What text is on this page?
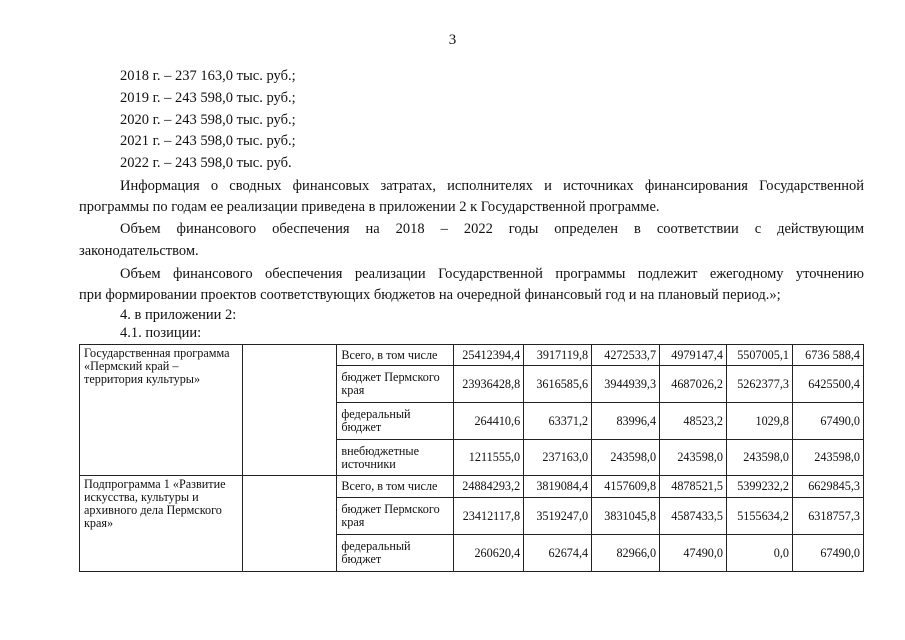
3
2018 г. – 237 163,0 тыс. руб.;
2019 г. – 243 598,0 тыс. руб.;
2020 г. – 243 598,0 тыс. руб.;
2021 г. – 243 598,0 тыс. руб.;
2022 г. – 243 598,0 тыс. руб.
Информация о сводных финансовых затратах, исполнителях и источниках финансирования Государственной
программы по годам ее реализации приведена в приложении 2 к Государственной программе.
Объем финансового обеспечения на 2018 – 2022 годы определен в соответствии с действующим
законодательством.
Объем финансового обеспечения реализации Государственной программы подлежит ежегодному уточнению
при формировании проектов соответствующих бюджетов на очередной финансовый год и на плановый период.»;
4. в приложении 2:
4.1. позиции:
Государственная программа «Пермский край – территория культуры»		Всего, в том числе	25412394,4	3917119,8	4272533,7	4979147,4	5507005,1	6736 588,4
		бюджет Пермского края	23936428,8	3616585,6	3944939,3	4687026,2	5262377,3	6425500,4
		федеральный бюджет	264410,6	63371,2	83996,4	48523,2	1029,8	67490,0
		внебюджетные источники	1211555,0	237163,0	243598,0	243598,0	243598,0	243598,0
Подпрограмма 1 «Развитие искусства, культуры и архивного дела Пермского края»		Всего, в том числе	24884293,2	3819084,4	4157609,8	4878521,5	5399232,2	6629845,3
		бюджет Пермского края	23412117,8	3519247,0	3831045,8	4587433,5	5155634,2	6318757,3
		федеральный бюджет	260620,4	62674,4	82966,0	47490,0	0,0	67490,0
